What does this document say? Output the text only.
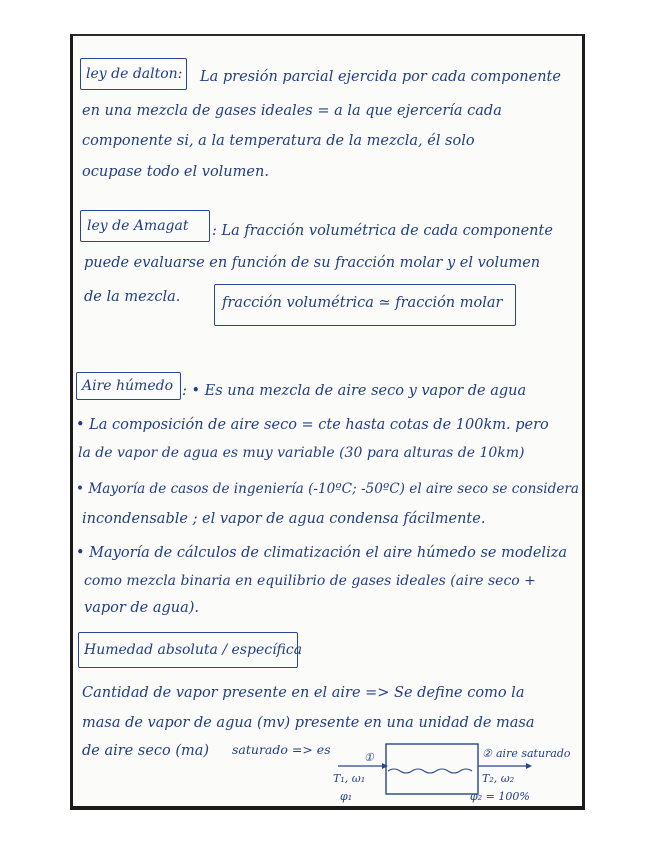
ley de dalton: La presión parcial ejercida por cada componente
en una mezcla de gases ideales = a la que ejercería cada
componente si, a la temperatura de la mezcla, él solo
ocupase todo el volumen.
ley de Amagat : La fracción volumétrica de cada componente
puede evaluarse en función de su fracción molar y el volumen
de la mezcla.	fracción volumétrica ≃ fracción molar
Aire húmedo : • Es una mezcla de aire seco y vapor de agua
• La composición de aire seco = cte hasta cotas de 100km. pero
la de vapor de agua es muy variable (30 para alturas de 10km)
• Mayoría de casos de ingeniería (-10ºC; -50ºC) el aire seco se considera
incondensable ; el vapor de agua condensa fácilmente.
• Mayoría de cálculos de climatización el aire húmedo se modeliza
como mezcla binaria en equilibrio de gases ideales (aire seco +
vapor de agua).
Humedad absoluta / específica
Cantidad de vapor presente en el aire => Se define como la
masa de vapor de agua (mv) presente en una unidad de masa
de aire seco (ma) saturado => es
①
T₁, ω₁
φ₁
② aire saturado
T₂, ω₂
φ₂ = 100%
